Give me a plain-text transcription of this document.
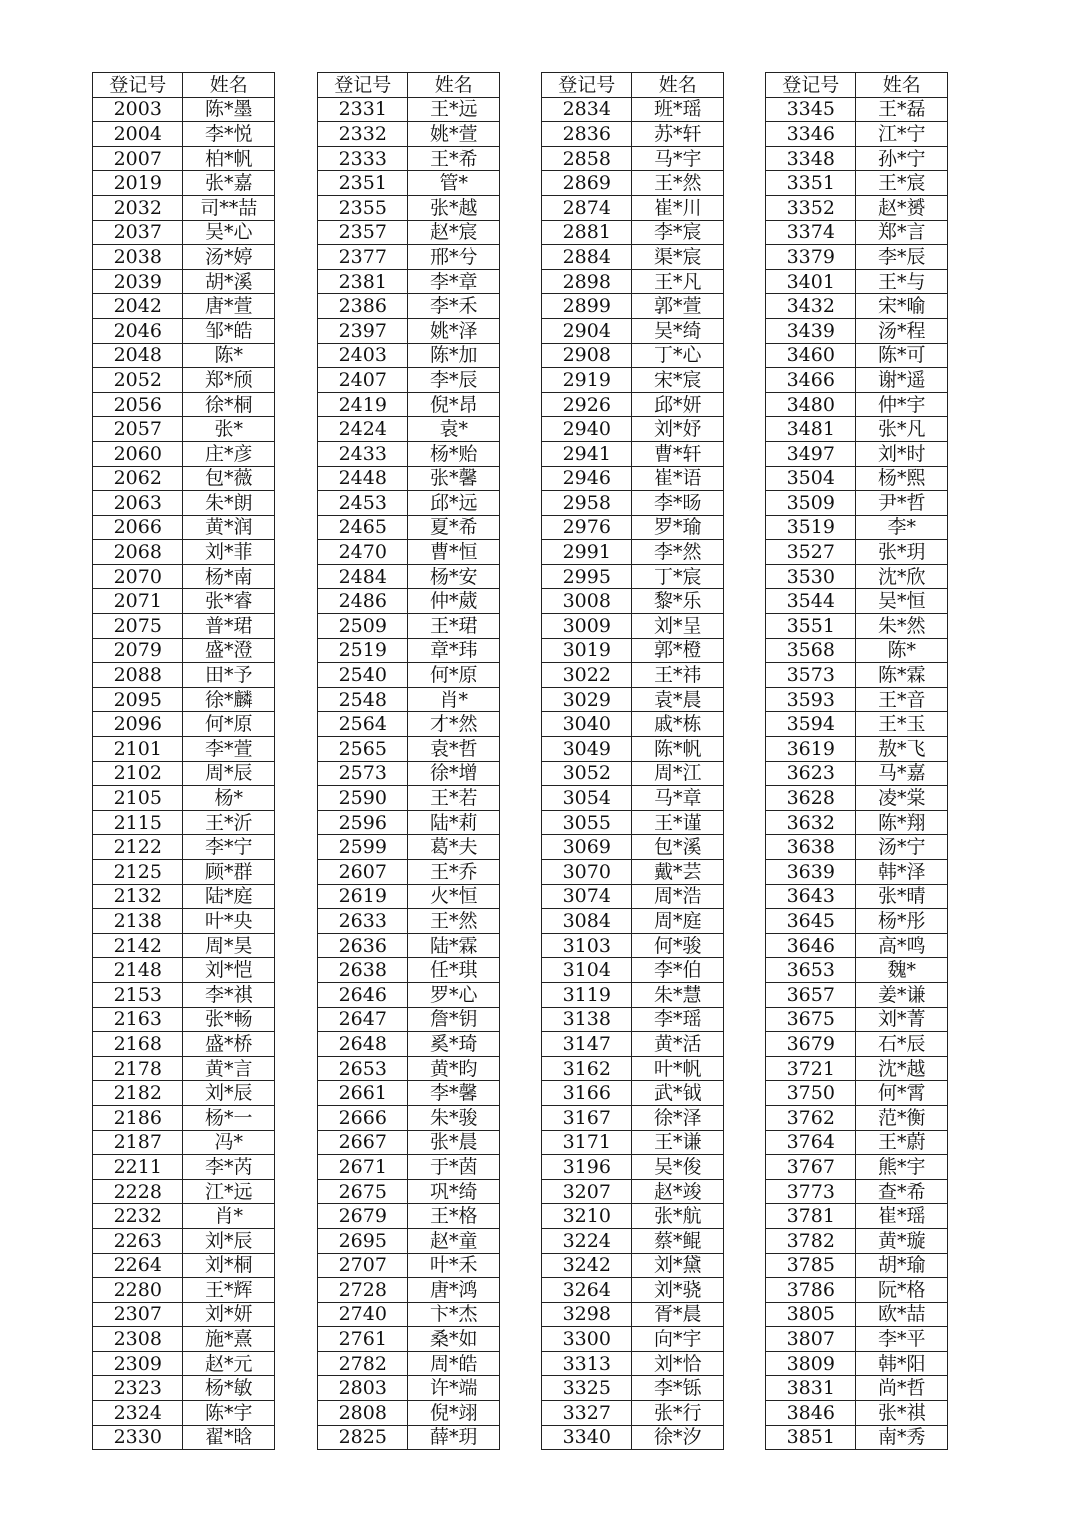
登记号	姓名
2003	陈*墨
2004	李*悦
2007	柏*帆
2019	张*嘉
2032	司**喆
2037	吴*心
2038	汤*婷
2039	胡*溪
2042	唐*萱
2046	邹*皓
2048	陈*
2052	郑*颀
2056	徐*桐
2057	张*
2060	庄*彦
2062	包*薇
2063	朱*朗
2066	黄*润
2068	刘*菲
2070	杨*南
2071	张*睿
2075	普*珺
2079	盛*澄
2088	田*予
2095	徐*麟
2096	何*原
2101	李*萱
2102	周*辰
2105	杨*
2115	王*沂
2122	李*宁
2125	顾*群
2132	陆*庭
2138	叶*央
2142	周*昊
2148	刘*恺
2153	李*祺
2163	张*畅
2168	盛*桥
2178	黄*言
2182	刘*辰
2186	杨*一
2187	冯*
2211	李*芮
2228	江*远
2232	肖*
2263	刘*辰
2264	刘*桐
2280	王*辉
2307	刘*妍
2308	施*熹
2309	赵*元
2323	杨*敏
2324	陈*宇
2330	翟*晗
登记号	姓名
2331	王*远
2332	姚*萱
2333	王*希
2351	管*
2355	张*越
2357	赵*宸
2377	邢*兮
2381	李*章
2386	李*禾
2397	姚*泽
2403	陈*加
2407	李*辰
2419	倪*昂
2424	袁*
2433	杨*贻
2448	张*馨
2453	邱*远
2465	夏*希
2470	曹*恒
2484	杨*安
2486	仲*葳
2509	王*珺
2519	章*玮
2540	何*原
2548	肖*
2564	才*然
2565	袁*哲
2573	徐*增
2590	王*若
2596	陆*莉
2599	葛*夫
2607	王*乔
2619	火*恒
2633	王*然
2636	陆*霖
2638	任*琪
2646	罗*心
2647	詹*钥
2648	奚*琦
2653	黄*昀
2661	李*馨
2666	朱*骏
2667	张*晨
2671	于*茵
2675	巩*绮
2679	王*格
2695	赵*童
2707	叶*禾
2728	唐*鸿
2740	卞*杰
2761	桑*如
2782	周*皓
2803	许*端
2808	倪*翊
2825	薛*玥
登记号	姓名
2834	班*瑶
2836	苏*轩
2858	马*宇
2869	王*然
2874	崔*川
2881	李*宸
2884	渠*宸
2898	王*凡
2899	郭*萱
2904	吴*绮
2908	丁*心
2919	宋*宸
2926	邱*妍
2940	刘*妤
2941	曹*轩
2946	崔*语
2958	李*旸
2976	罗*瑜
2991	李*然
2995	丁*宸
3008	黎*乐
3009	刘*呈
3019	郭*橙
3022	王*祎
3029	袁*晨
3040	戚*栋
3049	陈*帆
3052	周*江
3054	马*章
3055	王*谨
3069	包*溪
3070	戴*芸
3074	周*浩
3084	周*庭
3103	何*骏
3104	李*伯
3119	朱*慧
3138	李*瑶
3147	黄*活
3162	叶*帆
3166	武*钺
3167	徐*泽
3171	王*谦
3196	吴*俊
3207	赵*竣
3210	张*航
3224	蔡*鲲
3242	刘*黛
3264	刘*骁
3298	胥*晨
3300	向*宇
3313	刘*恰
3325	李*铄
3327	张*行
3340	徐*汐
登记号	姓名
3345	王*磊
3346	江*宁
3348	孙*宁
3351	王*宸
3352	赵*赟
3374	郑*言
3379	李*辰
3401	王*与
3432	宋*喻
3439	汤*程
3460	陈*可
3466	谢*遥
3480	仲*宇
3481	张*凡
3497	刘*时
3504	杨*熙
3509	尹*哲
3519	李*
3527	张*玥
3530	沈*欣
3544	吴*恒
3551	朱*然
3568	陈*
3573	陈*霖
3593	王*音
3594	王*玉
3619	敖*飞
3623	马*嘉
3628	凌*棠
3632	陈*翔
3638	汤*宁
3639	韩*泽
3643	张*晴
3645	杨*彤
3646	高*鸣
3653	魏*
3657	姜*谦
3675	刘*菁
3679	石*辰
3721	沈*越
3750	何*霄
3762	范*衡
3764	王*蔚
3767	熊*宇
3773	查*希
3781	崔*瑶
3782	黄*璇
3785	胡*瑜
3786	阮*格
3805	欧*喆
3807	李*平
3809	韩*阳
3831	尚*哲
3846	张*祺
3851	南*秀
